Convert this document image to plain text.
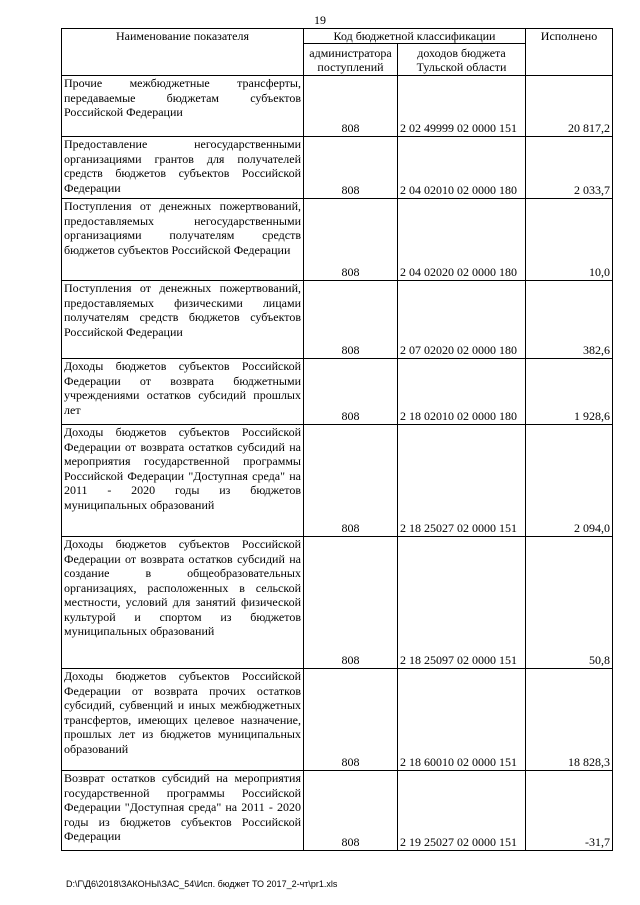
19
Наименование показателя	Код бюджетной классификации		Исполнено
	администратора поступлений	доходов бюджета Тульской области	
Прочие межбюджетные трансферты, передаваемые бюджетам субъектов Российской Федерации	808	2 02 49999 02 0000 151	20 817,2
Предоставление негосударственными организациями грантов для получателей средств бюджетов субъектов Российской Федерации	808	2 04 02010 02 0000 180	2 033,7
Поступления от денежных пожертвований, предоставляемых негосударственными организациями получателям средств бюджетов субъектов Российской Федерации	808	2 04 02020 02 0000 180	10,0
Поступления от денежных пожертвований, предоставляемых физическими лицами получателям средств бюджетов субъектов Российской Федерации	808	2 07 02020 02 0000 180	382,6
Доходы бюджетов субъектов Российской Федерации от возврата бюджетными учреждениями остатков субсидий прошлых лет	808	2 18 02010 02 0000 180	1 928,6
Доходы бюджетов субъектов Российской Федерации от возврата остатков субсидий на мероприятия государственной программы Российской Федерации "Доступная среда" на 2011 - 2020 годы из бюджетов муниципальных образований	808	2 18 25027 02 0000 151	2 094,0
Доходы бюджетов субъектов Российской Федерации от возврата остатков субсидий на создание в общеобразовательных организациях, расположенных в сельской местности, условий для занятий физической культурой и спортом из бюджетов муниципальных образований	808	2 18 25097 02 0000 151	50,8
Доходы бюджетов субъектов Российской Федерации от возврата прочих остатков субсидий, субвенций и иных межбюджетных трансфертов, имеющих целевое назначение, прошлых лет из бюджетов муниципальных образований	808	2 18 60010 02 0000 151	18 828,3
Возврат остатков субсидий на мероприятия государственной программы Российской Федерации "Доступная среда" на 2011 - 2020 годы из бюджетов субъектов Российской Федерации	808	2 19 25027 02 0000 151	-31,7
D:\Г\Д6\2018\ЗАКОНЫ\ЗАС_54\Исп. бюджет ТО 2017_2-чт\pr1.xls
